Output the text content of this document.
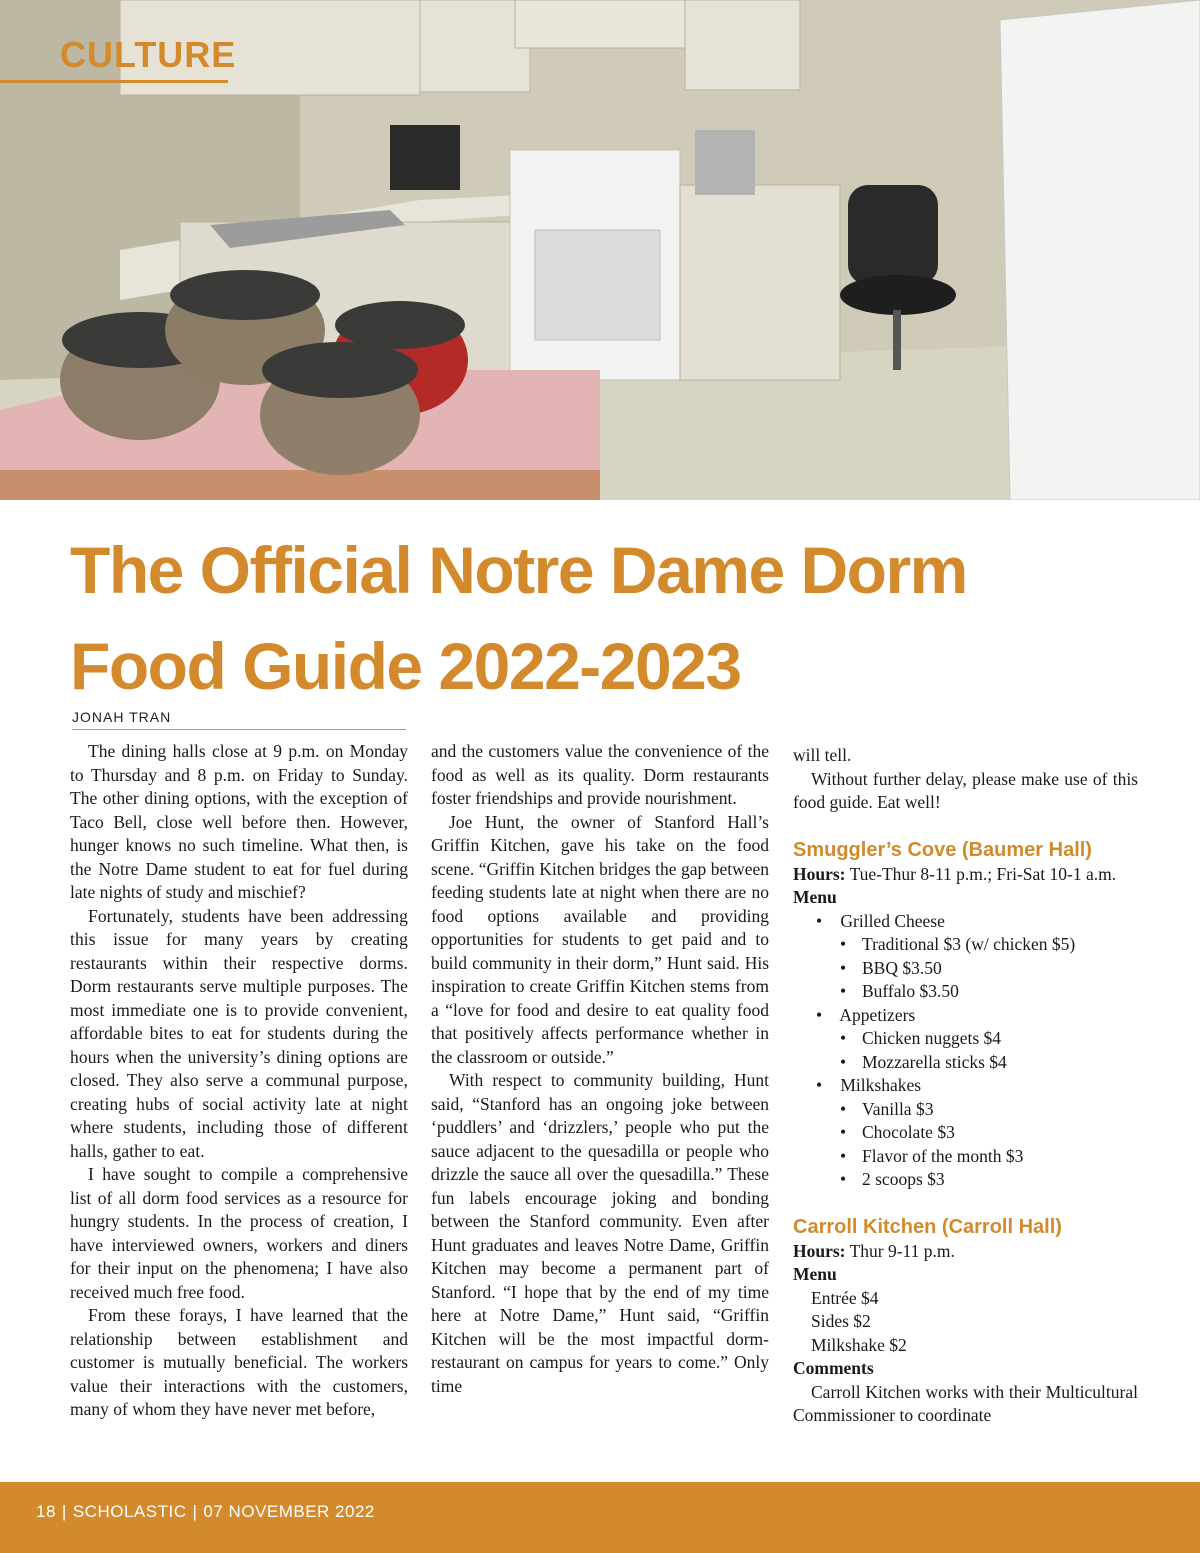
CULTURE
The Official Notre Dame Dorm
Food Guide 2022-2023
JONAH TRAN

The dining halls close at 9 p.m. on Monday to Thursday and 8 p.m. on Friday to Sunday. The other dining options, with the exception of Taco Bell, close well before then. However, hunger knows no such timeline. What then, is the Notre Dame student to eat for fuel during late nights of study and mischief?

Fortunately, students have been addressing this issue for many years by creating restaurants within their respective dorms. Dorm restaurants serve multiple purposes. The most immediate one is to provide convenient, affordable bites to eat for students during the hours when the university’s dining options are closed. They also serve a communal purpose, creating hubs of social activity late at night where students, including those of different halls, gather to eat.

I have sought to compile a comprehensive list of all dorm food services as a resource for hungry students. In the process of creation, I have interviewed owners, workers and diners for their input on the phenomena; I have also received much free food.

From these forays, I have learned that the relationship between establishment and customer is mutually beneficial. The workers value their interactions with the customers, many of whom they have never met before,

and the customers value the convenience of the food as well as its quality. Dorm restaurants foster friendships and provide nourishment.

Joe Hunt, the owner of Stanford Hall’s Griffin Kitchen, gave his take on the food scene. “Griffin Kitchen bridges the gap between feeding students late at night when there are no food options available and providing opportunities for students to get paid and to build community in their dorm,” Hunt said. His inspiration to create Griffin Kitchen stems from a “love for food and desire to eat quality food that positively affects performance whether in the classroom or outside.”

With respect to community building, Hunt said, “Stanford has an ongoing joke between ‘puddlers’ and ‘drizzlers,’ people who put the sauce adjacent to the quesadilla or people who drizzle the sauce all over the quesadilla.” These fun labels encourage joking and bonding between the Stanford community. Even after Hunt graduates and leaves Notre Dame, Griffin Kitchen may become a permanent part of Stanford. “I hope that by the end of my time here at Notre Dame,” Hunt said, “Griffin Kitchen will be the most impactful dorm-restaurant on campus for years to come.” Only time

will tell.

Without further delay, please make use of this food guide. Eat well!

Smuggler’s Cove (Baumer Hall)
Hours: Tue-Thur 8-11 p.m.; Fri-Sat 10-1 a.m.
Menu
• Grilled Cheese
• Traditional $3 (w/ chicken $5)
• BBQ $3.50
• Buffalo $3.50
• Appetizers
• Chicken nuggets $4
• Mozzarella sticks $4
• Milkshakes
• Vanilla $3
• Chocolate $3
• Flavor of the month $3
• 2 scoops $3
Carroll Kitchen (Carroll Hall)
Hours: Thur 9-11 p.m.
Menu
Entrée $4
Sides $2
Milkshake $2
Comments

Carroll Kitchen works with their Multicultural Commissioner to coordinate

18 | SCHOLASTIC | 07 NOVEMBER 2022
